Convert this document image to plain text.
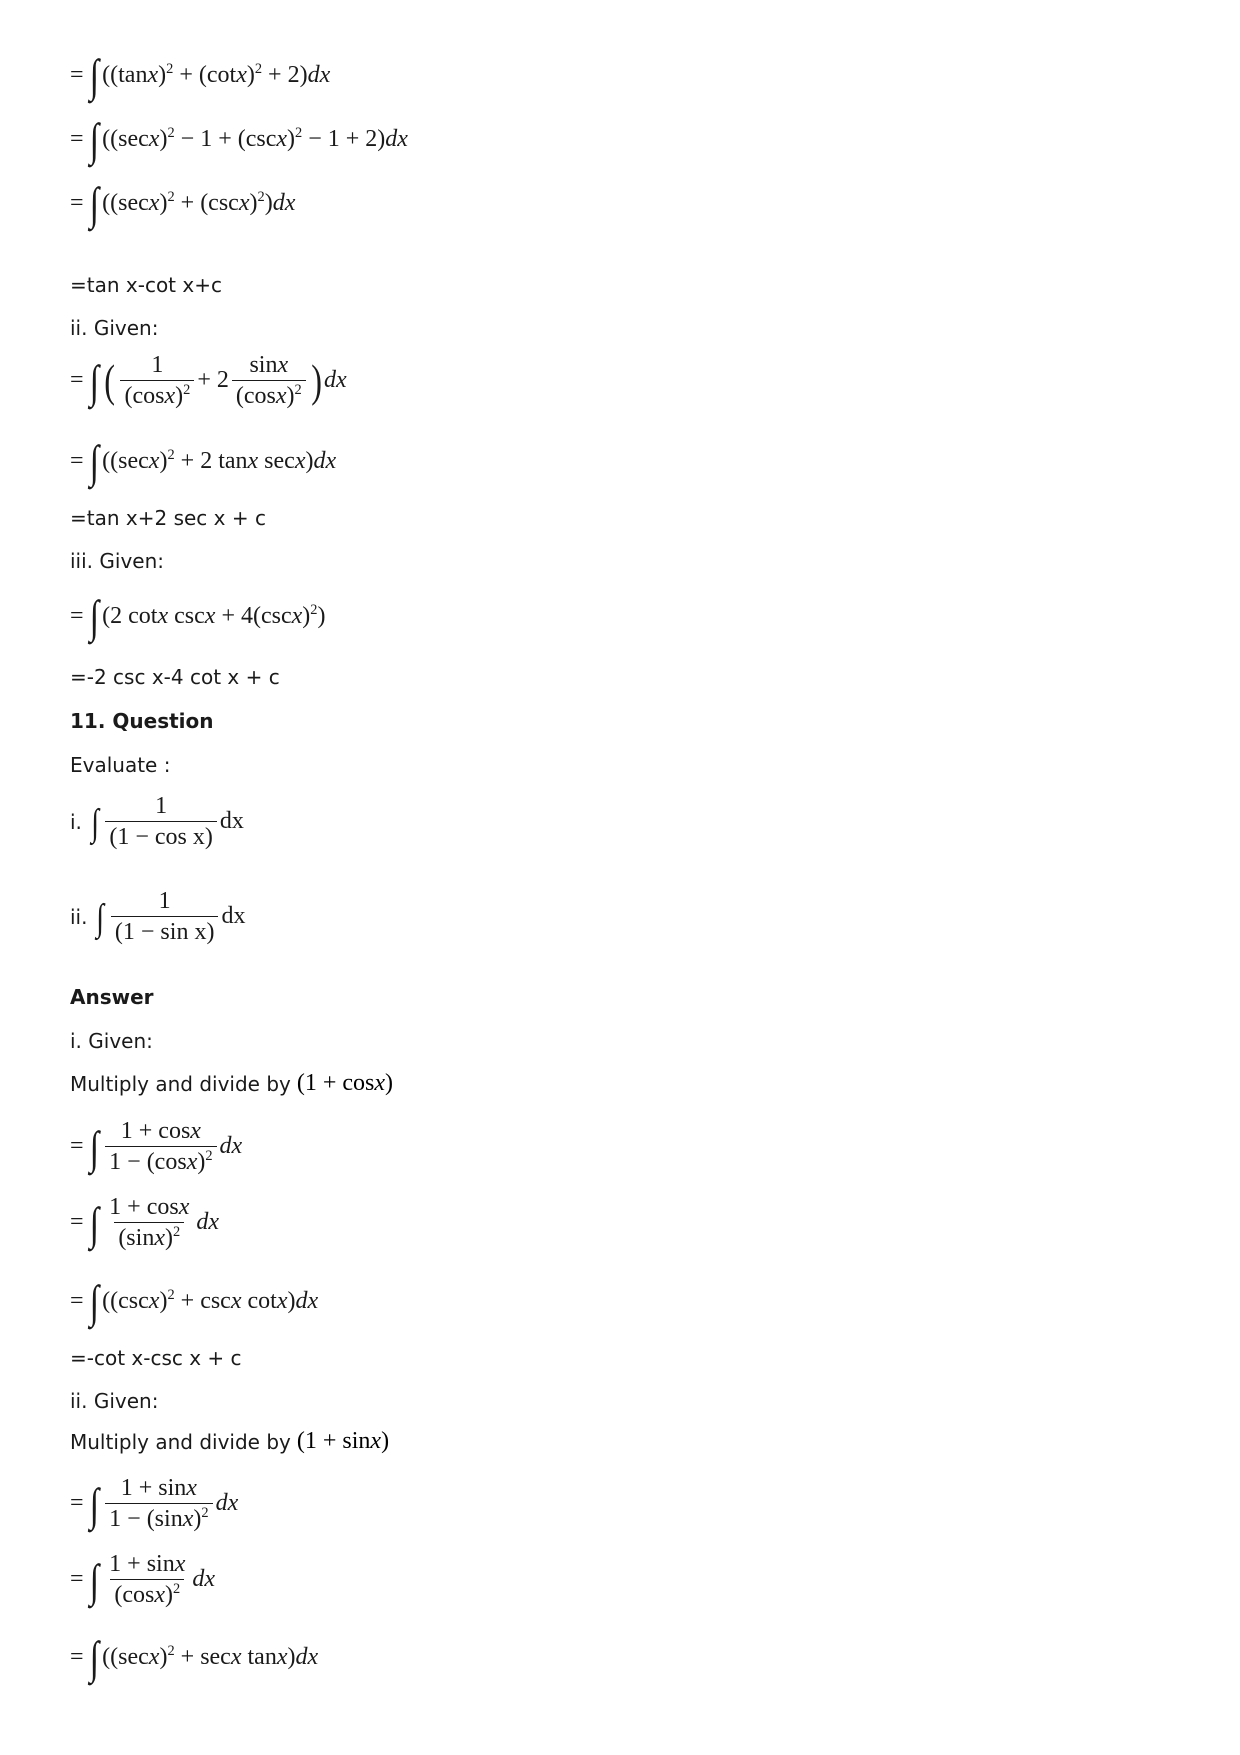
= ∫ $((\tan x)^2 + (\cot x)^2 + 2)dx$
= ∫ $((\sec x)^2 - 1 + (\csc x)^2 - 1 + 2)dx$
= ∫ $((\sec x)^2 + (\csc x)^2)dx$
=tan x-cot x+c
ii. Given:
= ∫ ( $\frac{1}{(\cos x)^2} + 2 \frac{\sin x}{(\cos x)^2}$ ) dx
= ∫ ($(\sec x)^2 + 2$ tanx secx)dx
=tan x+2 sec x + c
iii. Given:
= ∫ (2 cotx $\csc x + 4(\csc x)^2$)
=-2 csc x-4 cot x + c
11. Question
Evaluate :
i. ∫ $\frac{1}{\text{(1 − cos x)}}$ dx
ii. ∫ $\frac{1}{\text{(1 − sin x)}}$ dx
Answer
i. Given:
Multiply and divide by (1 + cosx)
= ∫ $\frac{1 + \cos x}{1 - (\cos x)^2}$ dx
= ∫ $\frac{1 + \cos x}{(\sin x)^2}$ dx
= ∫ ($(\csc x)^2 + \csc x$ cotx)dx
=-cot x-csc x + c
ii. Given:
Multiply and divide by (1 + sinx)
= ∫ $\frac{1 + \sin x}{1 - (\sin x)^2}$ dx
= ∫ $\frac{1 + \sin x}{(\cos x)^2}$ dx
= ∫ ($(\sec x)^2 + \sec x$ tanx)dx
